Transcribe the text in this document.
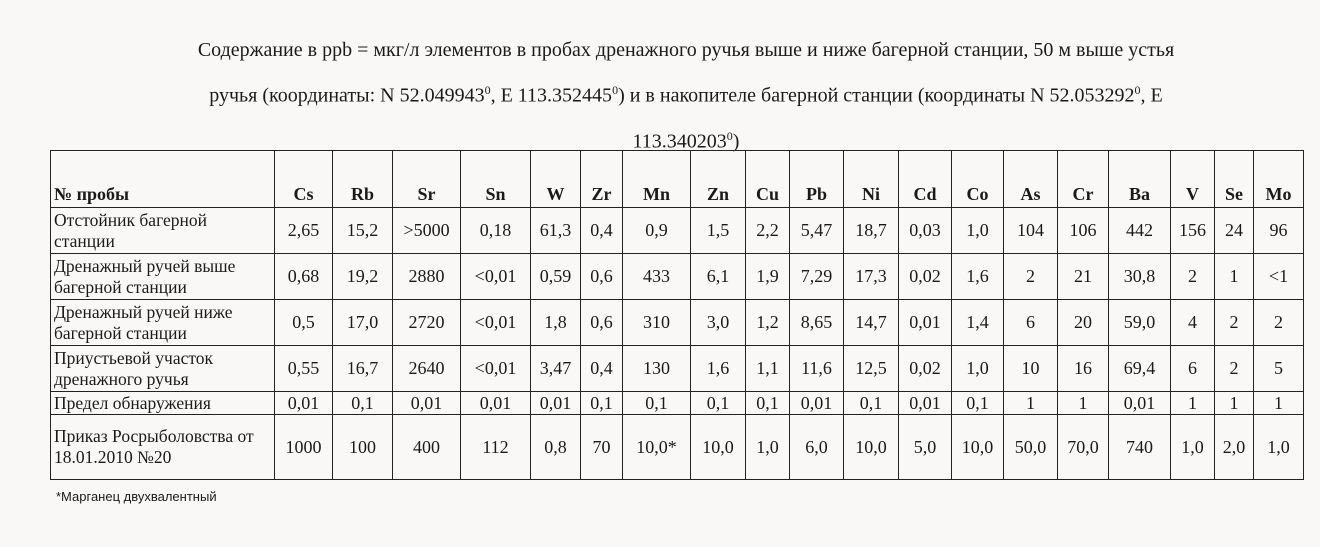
Содержание в ppb = мкг/л элементов в пробах дренажного ручья выше и ниже багерной станции, 50 м выше устья
ручья (координаты: N 52.049943$^0$, E 113.352445$^0$) и в накопителе багерной станции (координаты N 52.053292$^0$, E
113.340203$^0$)
№ пробы	Cs	Rb	Sr	Sn	W	Zr	Mn	Zn	Cu	Pb	Ni	Cd	Co	As	Cr	Ba	V	Se	Mo
Отстойник багерной станции	2,65	15,2	>5000	0,18	61,3	0,4	0,9	1,5	2,2	5,47	18,7	0,03	1,0	104	106	442	156	24	96
Дренажный ручей выше багерной станции	0,68	19,2	2880	<0,01	0,59	0,6	433	6,1	1,9	7,29	17,3	0,02	1,6	2	21	30,8	2	1	<1
Дренажный ручей ниже багерной станции	0,5	17,0	2720	<0,01	1,8	0,6	310	3,0	1,2	8,65	14,7	0,01	1,4	6	20	59,0	4	2	2
Приустьевой участок дренажного ручья	0,55	16,7	2640	<0,01	3,47	0,4	130	1,6	1,1	11,6	12,5	0,02	1,0	10	16	69,4	6	2	5
Предел обнаружения	0,01	0,1	0,01	0,01	0,01	0,1	0,1	0,1	0,1	0,01	0,1	0,01	0,1	1	1	0,01	1	1	1
Приказ Росрыболовства от 18.01.2010 №20	1000	100	400	112	0,8	70	10,0*	10,0	1,0	6,0	10,0	5,0	10,0	50,0	70,0	740	1,0	2,0	1,0
*Марганец двухвалентный
